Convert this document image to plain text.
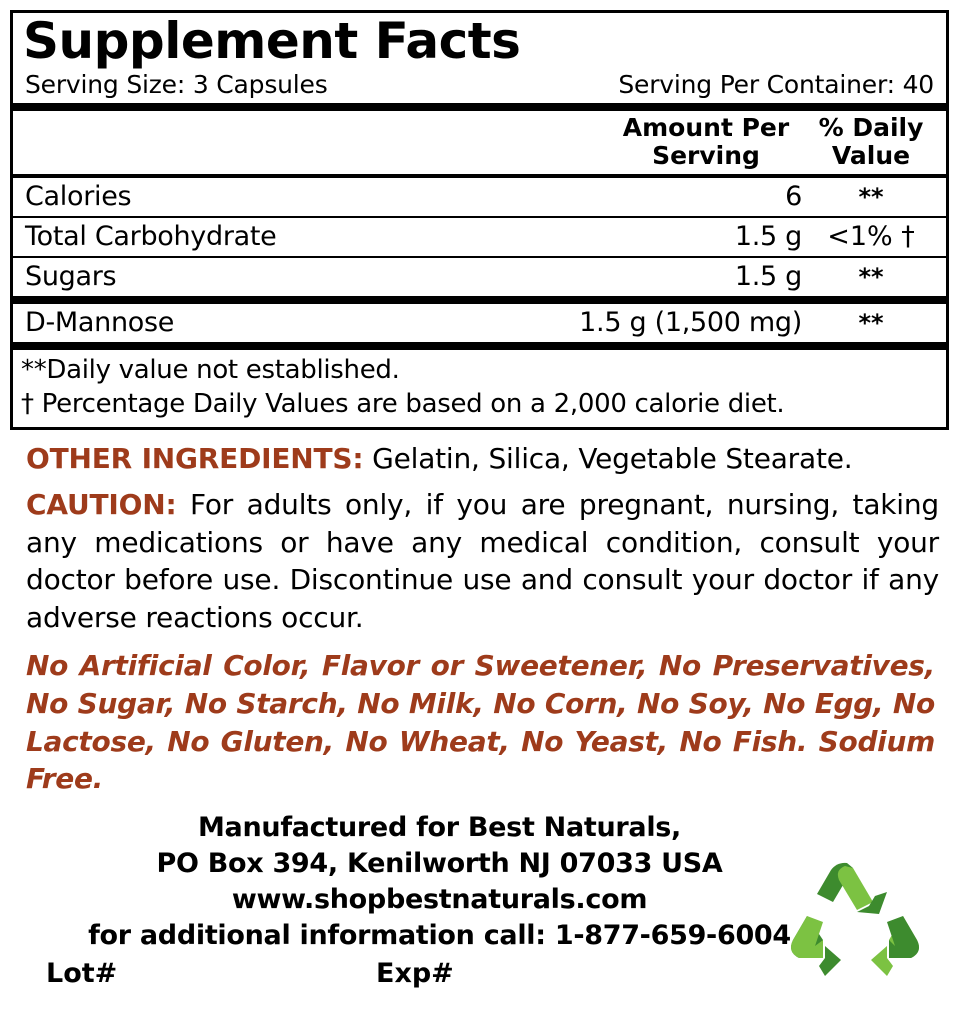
Supplement Facts
Serving Size: 3 Capsules	Serving Per Container: 40
Amount Per
Serving
% Daily
Value
Calories	6	**
Total Carbohydrate	1.5 g <1% †
Sugars	1.5 g	**
D-Mannose	1.5 g (1,500 mg)	**
**Daily value not established.
† Percentage Daily Values are based on a 2,000 calorie diet.
OTHER INGREDIENTS: Gelatin, Silica, Vegetable Stearate.
CAUTION: For adults only, if you are pregnant, nursing, taking any medications or have any medical condition, consult your doctor before use. Discontinue use and consult your doctor if any adverse reactions occur.
No Artificial Color, Flavor or Sweetener, No Preservatives, No Sugar, No Starch, No Milk, No Corn, No Soy, No Egg, No Lactose, No Gluten, No Wheat, No Yeast, No Fish. Sodium Free.
Manufactured for Best Naturals,
PO Box 394, Kenilworth NJ 07033 USA
www.shopbestnaturals.com
for additional information call: 1-877-659-6004
Lot#	Exp#
